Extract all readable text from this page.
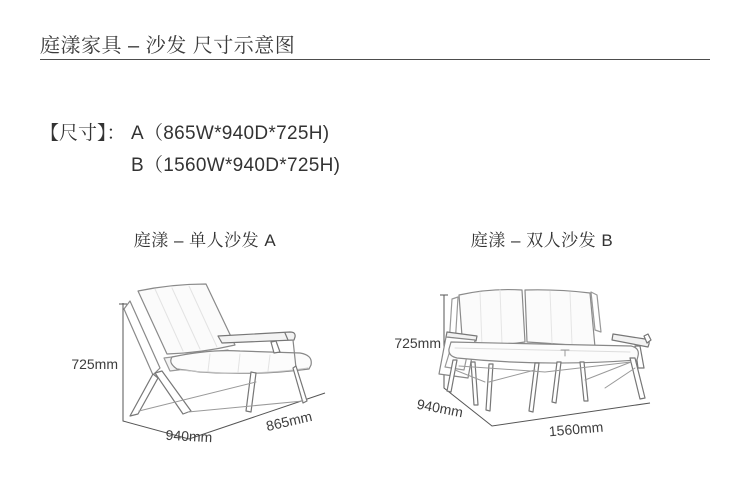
庭漾家具 – 沙发 尺寸示意图
【尺寸】： A（865W*940D*725H)
B（1560W*940D*725H)
庭漾 – 单人沙发 A	庭漾 – 双人沙发 B
725mm
940mm
865mm
725mm
940mm
1560mm
